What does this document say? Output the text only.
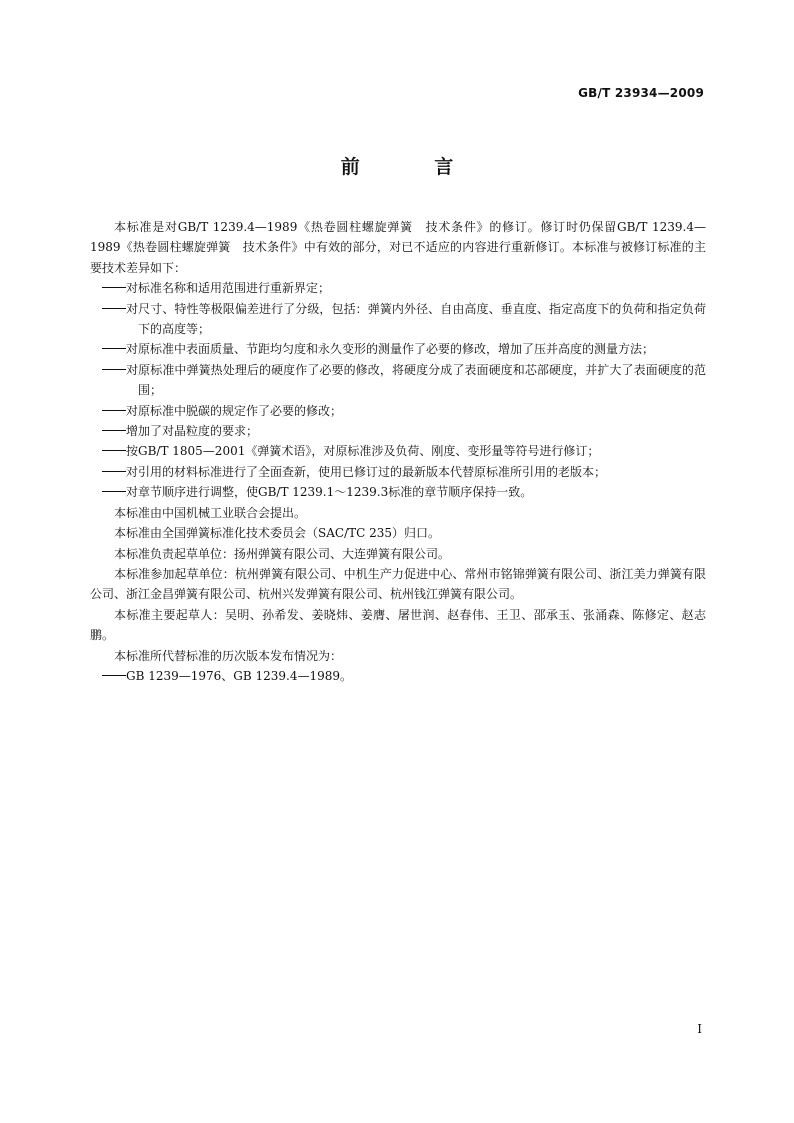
GB/T 23934—2009
前 言

本标准是对GB/T 1239.4—1989《热卷圆柱螺旋弹簧　技术条件》的修订。修订时仍保留GB/T 1239.4—1989《热卷圆柱螺旋弹簧　技术条件》中有效的部分，对已不适应的内容进行重新修订。本标准与被修订标准的主要技术差异如下：

对标准名称和适用范围进行重新界定；

对尺寸、特性等极限偏差进行了分级，包括：弹簧内外径、自由高度、垂直度、指定高度下的负荷和指定负荷下的高度等；

对原标准中表面质量、节距均匀度和永久变形的测量作了必要的修改，增加了压并高度的测量方法；

对原标准中弹簧热处理后的硬度作了必要的修改，将硬度分成了表面硬度和芯部硬度，并扩大了表面硬度的范围；

对原标准中脱碳的规定作了必要的修改；

增加了对晶粒度的要求；

按GB/T 1805—2001《弹簧术语》，对原标准涉及负荷、刚度、变形量等符号进行修订；

对引用的材料标准进行了全面查新，使用已修订过的最新版本代替原标准所引用的老版本；

对章节顺序进行调整，使GB/T 1239.1～1239.3标准的章节顺序保持一致。

本标准由中国机械工业联合会提出。

本标准由全国弹簧标准化技术委员会（SAC/TC 235）归口。

本标准负责起草单位：扬州弹簧有限公司、大连弹簧有限公司。

本标准参加起草单位：杭州弹簧有限公司、中机生产力促进中心、常州市铭锦弹簧有限公司、浙江美力弹簧有限公司、浙江金昌弹簧有限公司、杭州兴发弹簧有限公司、杭州钱江弹簧有限公司。

本标准主要起草人：吴明、孙希发、姜晓炜、姜膺、屠世润、赵春伟、王卫、邵承玉、张涌森、陈修定、赵志鹏。

本标准所代替标准的历次版本发布情况为：

GB 1239—1976、GB 1239.4—1989。

I
